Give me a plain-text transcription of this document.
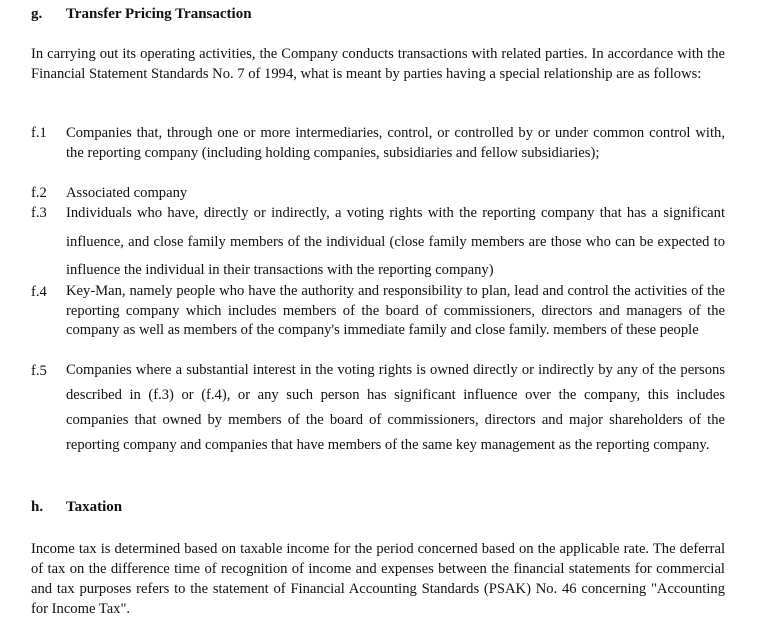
g. Transfer Pricing Transaction
In carrying out its operating activities, the Company conducts transactions with related parties. In accordance with the Financial Statement Standards No. 7 of 1994, what is meant by parties having a special relationship are as follows:
f.1 Companies that, through one or more intermediaries, control, or controlled by or under common control with, the reporting company (including holding companies, subsidiaries and fellow subsidiaries);
f.2 Associated company
f.3 Individuals who have, directly or indirectly, a voting rights with the reporting company that has a significant influence, and close family members of the individual (close family members are those who can be expected to influence the individual in their transactions with the reporting company)
f.4 Key-Man, namely people who have the authority and responsibility to plan, lead and control the activities of the reporting company which includes members of the board of commissioners, directors and managers of the company as well as members of the company's immediate family and close family. members of these people
f.5 Companies where a substantial interest in the voting rights is owned directly or indirectly by any of the persons described in (f.3) or (f.4), or any such person has significant influence over the company, this includes companies that owned by members of the board of commissioners, directors and major shareholders of the reporting company and companies that have members of the same key management as the reporting company.
h. Taxation
Income tax is determined based on taxable income for the period concerned based on the applicable rate. The deferral of tax on the difference time of recognition of income and expenses between the financial statements for commercial and tax purposes refers to the statement of Financial Accounting Standards (PSAK) No. 46 concerning "Accounting for Income Tax".
